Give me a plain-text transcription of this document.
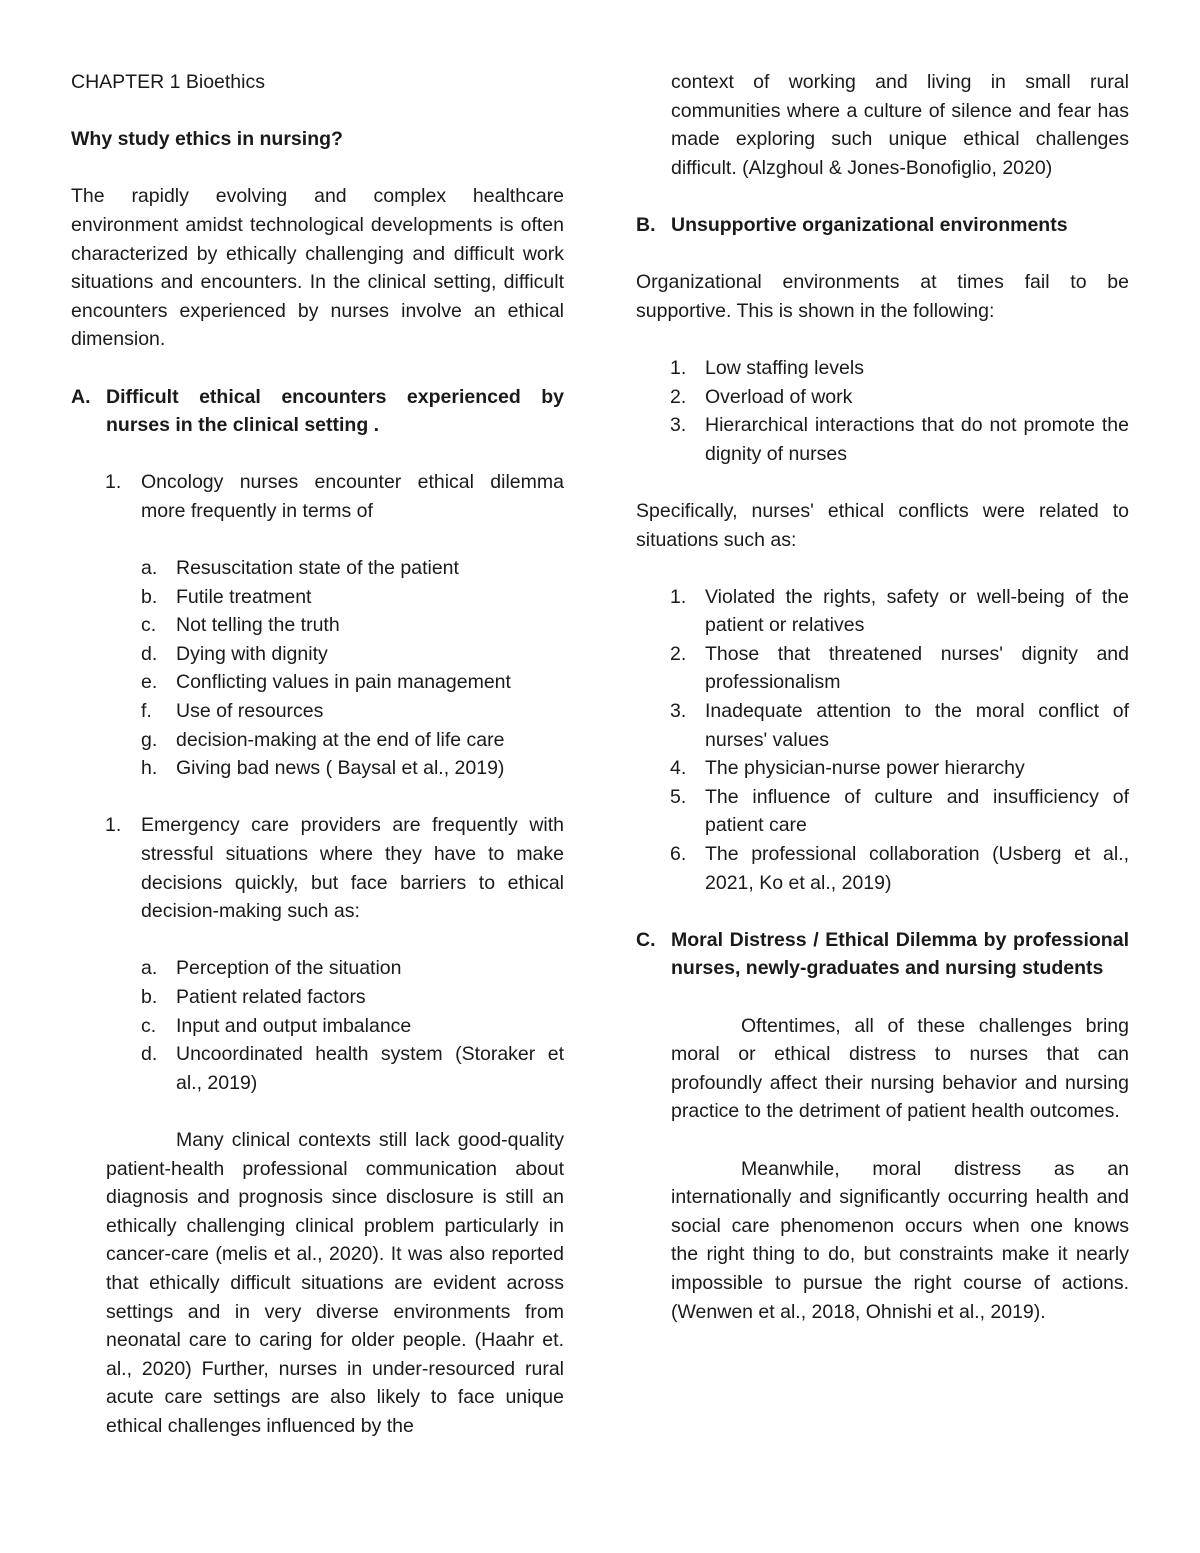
CHAPTER 1 Bioethics

Why study ethics in nursing?

The rapidly evolving and complex healthcare environment amidst technological developments is often characterized by ethically challenging and difficult work situations and encounters. In the clinical setting, difficult encounters experienced by nurses involve an ethical dimension.

A. Difficult ethical encounters experienced by nurses in the clinical setting .
1.	Oncology nurses encounter ethical dilemma more frequently in terms of
a. Resuscitation state of the patient
b. Futile treatment
c.	Not telling the truth
d. Dying with dignity
e. Conflicting values in pain management
f.	Use of resources
g. decision-making at the end of life care
h. Giving bad news ( Baysal et al., 2019)
1.	Emergency care providers are frequently with stressful situations where they have to make decisions quickly, but face barriers to ethical decision-making such as:
a. Perception of the situation
b. Patient related factors
c.	Input and output imbalance
d. Uncoordinated health system (Storaker et al., 2019)

Many clinical contexts still lack good-quality patient-health professional communication about diagnosis and prognosis since disclosure is still an ethically challenging clinical problem particularly in cancer-care (melis et al., 2020). It was also reported that ethically difficult situations are evident across settings and in very diverse environments from neonatal care to caring for older people. (Haahr et. al., 2020) Further, nurses in under-resourced rural acute care settings are also likely to face unique ethical challenges influenced by the

context of working and living in small rural communities where a culture of silence and fear has made exploring such unique ethical challenges difficult. (Alzghoul & Jones-Bonofiglio, 2020)

B. Unsupportive organizational environments

Organizational environments at times fail to be supportive. This is shown in the following:

1. Low staffing levels
2. Overload of work
3. Hierarchical interactions that do not promote the dignity of nurses

Specifically, nurses' ethical conflicts were related to situations such as:

1. Violated the rights, safety or well-being of the patient or relatives
2. Those that threatened nurses' dignity and professionalism
3. Inadequate attention to the moral conflict of nurses' values
4. The physician-nurse power hierarchy
5. The influence of culture and insufficiency of patient care
6. The professional collaboration (Usberg et al., 2021, Ko et al., 2019)
C. Moral Distress / Ethical Dilemma by professional nurses, newly-graduates and nursing students

Oftentimes, all of these challenges bring moral or ethical distress to nurses that can profoundly affect their nursing behavior and nursing practice to the detriment of patient health outcomes.

Meanwhile, moral distress as an internationally and significantly occurring health and social care phenomenon occurs when one knows the right thing to do, but constraints make it nearly impossible to pursue the right course of actions. (Wenwen et al., 2018, Ohnishi et al., 2019).
